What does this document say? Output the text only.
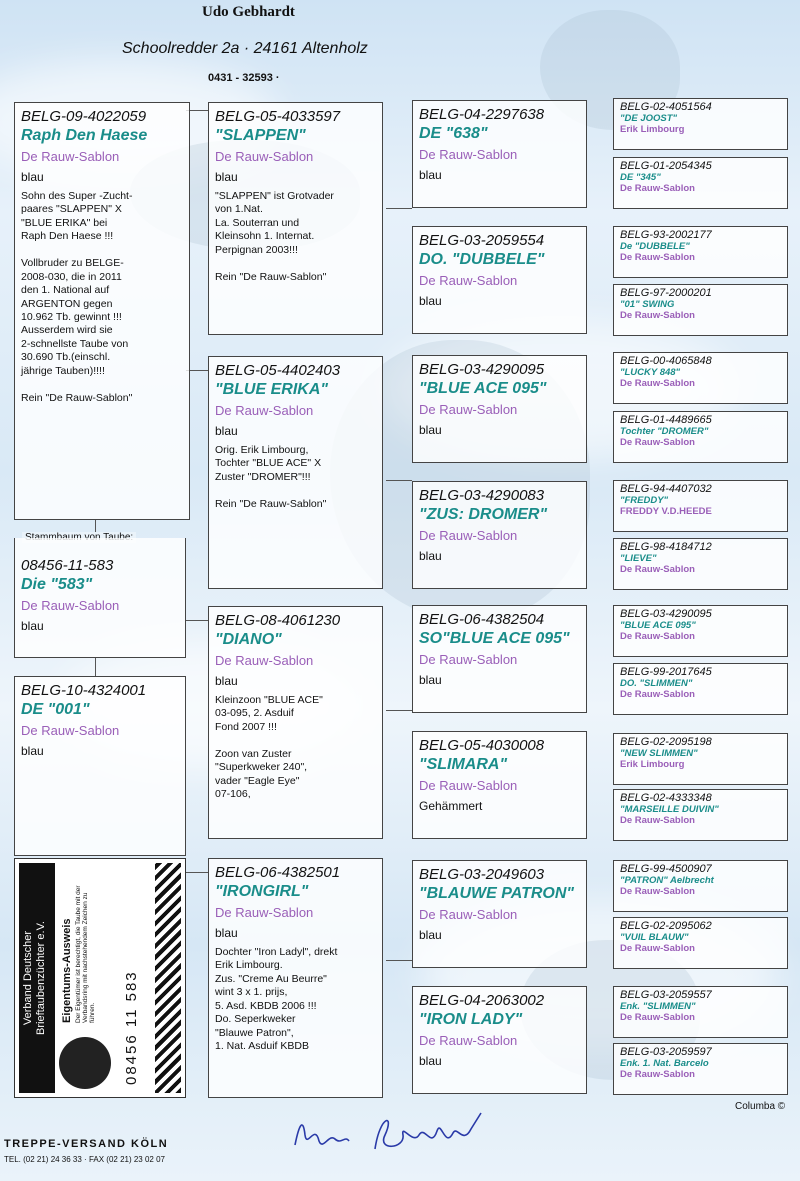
Udo Gebhardt
Schoolredder 2a · 24161 Altenholz
0431 - 32593 ·
BELG-09-4022059
Raph Den Haese
De Rauw-Sablon
blau
Sohn des Super -Zucht-
paares "SLAPPEN" X
"BLUE ERIKA" bei
Raph Den Haese !!!

Vollbruder zu BELGE-
2008-030, die in 2011
den 1. National auf
ARGENTON gegen
10.962 Tb. gewinnt !!!
Ausserdem wird sie
2-schnellste Taube von
30.690 Tb.(einschl.
jährige Tauben)!!!!

Rein "De Rauw-Sablon"
08456-11-583
Die "583"
De Rauw-Sablon
blau
BELG-10-4324001
DE "001"
De Rauw-Sablon
blau
Verband Deutscher
Brieftaubenzüchter e.V.	Eigentums-Ausweis Der Eigentümer ist berechtigt, die Taube mit der Verbandsring mit nachstehendem Zeichen zu führen. 08456 11 583
BELG-05-4033597
"SLAPPEN"
De Rauw-Sablon
blau
"SLAPPEN" ist Grotvader
von 1.Nat.
La. Souterran und
Kleinsohn 1. Internat.
Perpignan 2003!!!

Rein "De Rauw-Sablon"
BELG-05-4402403
"BLUE ERIKA"
De Rauw-Sablon
blau
Orig. Erik Limbourg,
Tochter "BLUE ACE" X
Zuster "DROMER"!!!

Rein "De Rauw-Sablon"
BELG-08-4061230
"DIANO"
De Rauw-Sablon
blau
Kleinzoon "BLUE ACE"
03-095, 2. Asduif
Fond 2007 !!!

Zoon van Zuster
"Superkweker 240",
vader "Eagle Eye"
07-106,
BELG-06-4382501
"IRONGIRL"
De Rauw-Sablon
blau
Dochter "Iron Ladyl", drekt
Erik Limbourg.
Zus. "Creme Au Beurre"
wint 3 x 1. prijs,
5. Asd. KBDB 2006 !!!
Do. Seperkweker
"Blauwe Patron",
1. Nat. Asduif KBDB
BELG-04-2297638
DE "638"
De Rauw-Sablon
blau
BELG-03-2059554
DO. "DUBBELE"
De Rauw-Sablon
blau
BELG-03-4290095
"BLUE ACE 095"
De Rauw-Sablon
blau
BELG-03-4290083
"ZUS: DROMER"
De Rauw-Sablon
blau
BELG-06-4382504
SO"BLUE ACE 095"
De Rauw-Sablon
blau
BELG-05-4030008
"SLIMARA"
De Rauw-Sablon
Gehämmert
BELG-03-2049603
"BLAUWE PATRON"
De Rauw-Sablon
blau
BELG-04-2063002
"IRON LADY"
De Rauw-Sablon
blau
BELG-02-4051564
"DE JOOST"
Erik Limbourg
BELG-01-2054345
DE "345"
De Rauw-Sablon
BELG-93-2002177
De "DUBBELE"
De Rauw-Sablon
BELG-97-2000201
"01" SWING
De Rauw-Sablon
BELG-00-4065848
"LUCKY 848"
De Rauw-Sablon
BELG-01-4489665
Tochter "DROMER"
De Rauw-Sablon
BELG-94-4407032
"FREDDY"
FREDDY V.D.HEEDE
BELG-98-4184712
"LIEVE"
De Rauw-Sablon
BELG-03-4290095
"BLUE ACE 095"
De Rauw-Sablon
BELG-99-2017645
DO. "SLIMMEN"
De Rauw-Sablon
BELG-02-2095198
"NEW SLIMMEN"
Erik Limbourg
BELG-02-4333348
"MARSEILLE DUIVIN"
De Rauw-Sablon
BELG-99-4500907
"PATRON" Aelbrecht
De Rauw-Sablon
BELG-02-2095062
"VUIL BLAUW"
De Rauw-Sablon
BELG-03-2059557
Enk. "SLIMMEN"
De Rauw-Sablon
BELG-03-2059597
Enk. 1. Nat. Barcelo
De Rauw-Sablon
Columba ©
TREPPE-VERSAND KÖLN
TEL. (02 21) 24 36 33 · FAX (02 21) 23 02 07
